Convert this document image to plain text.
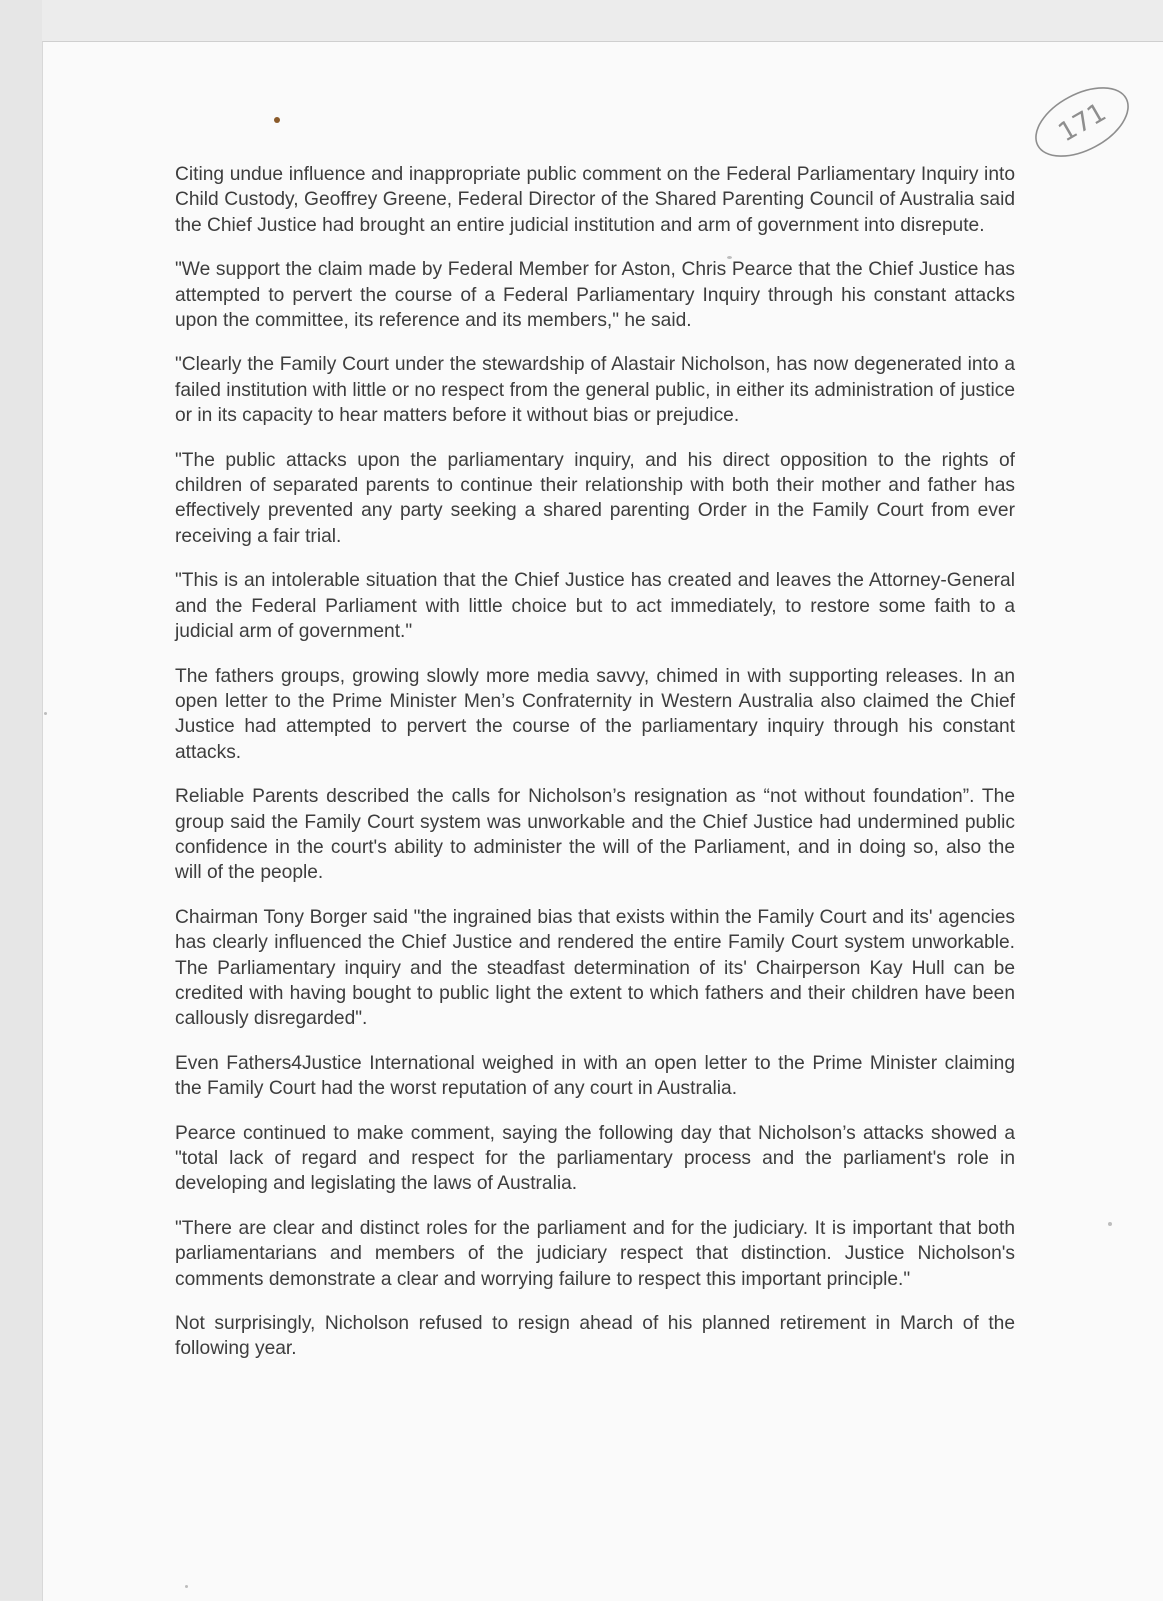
171

Citing undue influence and inappropriate public comment on the Federal Parliamentary Inquiry into Child Custody, Geoffrey Greene, Federal Director of the Shared Parenting Council of Australia said the Chief Justice had brought an entire judicial institution and arm of government into disrepute.

"We support the claim made by Federal Member for Aston, Chris Pearce that the Chief Justice has attempted to pervert the course of a Federal Parliamentary Inquiry through his constant attacks upon the committee, its reference and its members," he said.

"Clearly the Family Court under the stewardship of Alastair Nicholson, has now degenerated into a failed institution with little or no respect from the general public, in either its administration of justice or in its capacity to hear matters before it without bias or prejudice.

"The public attacks upon the parliamentary inquiry, and his direct opposition to the rights of children of separated parents to continue their relationship with both their mother and father has effectively prevented any party seeking a shared parenting Order in the Family Court from ever receiving a fair trial.

"This is an intolerable situation that the Chief Justice has created and leaves the Attorney-General and the Federal Parliament with little choice but to act immediately, to restore some faith to a judicial arm of government."

The fathers groups, growing slowly more media savvy, chimed in with supporting releases. In an open letter to the Prime Minister Men’s Confraternity in Western Australia also claimed the Chief Justice had attempted to pervert the course of the parliamentary inquiry through his constant attacks.

Reliable Parents described the calls for Nicholson’s resignation as “not without foundation”. The group said the Family Court system was unworkable and the Chief Justice had undermined public confidence in the court's ability to administer the will of the Parliament, and in doing so, also the will of the people.

Chairman Tony Borger said "the ingrained bias that exists within the Family Court and its' agencies has clearly influenced the Chief Justice and rendered the entire Family Court system unworkable. The Parliamentary inquiry and the steadfast determination of its' Chairperson Kay Hull can be credited with having bought to public light the extent to which fathers and their children have been callously disregarded".

Even Fathers4Justice International weighed in with an open letter to the Prime Minister claiming the Family Court had the worst reputation of any court in Australia.

Pearce continued to make comment, saying the following day that Nicholson’s attacks showed a "total lack of regard and respect for the parliamentary process and the parliament's role in developing and legislating the laws of Australia.

"There are clear and distinct roles for the parliament and for the judiciary. It is important that both parliamentarians and members of the judiciary respect that distinction. Justice Nicholson's comments demonstrate a clear and worrying failure to respect this important principle."

Not surprisingly, Nicholson refused to resign ahead of his planned retirement in March of the following year.
